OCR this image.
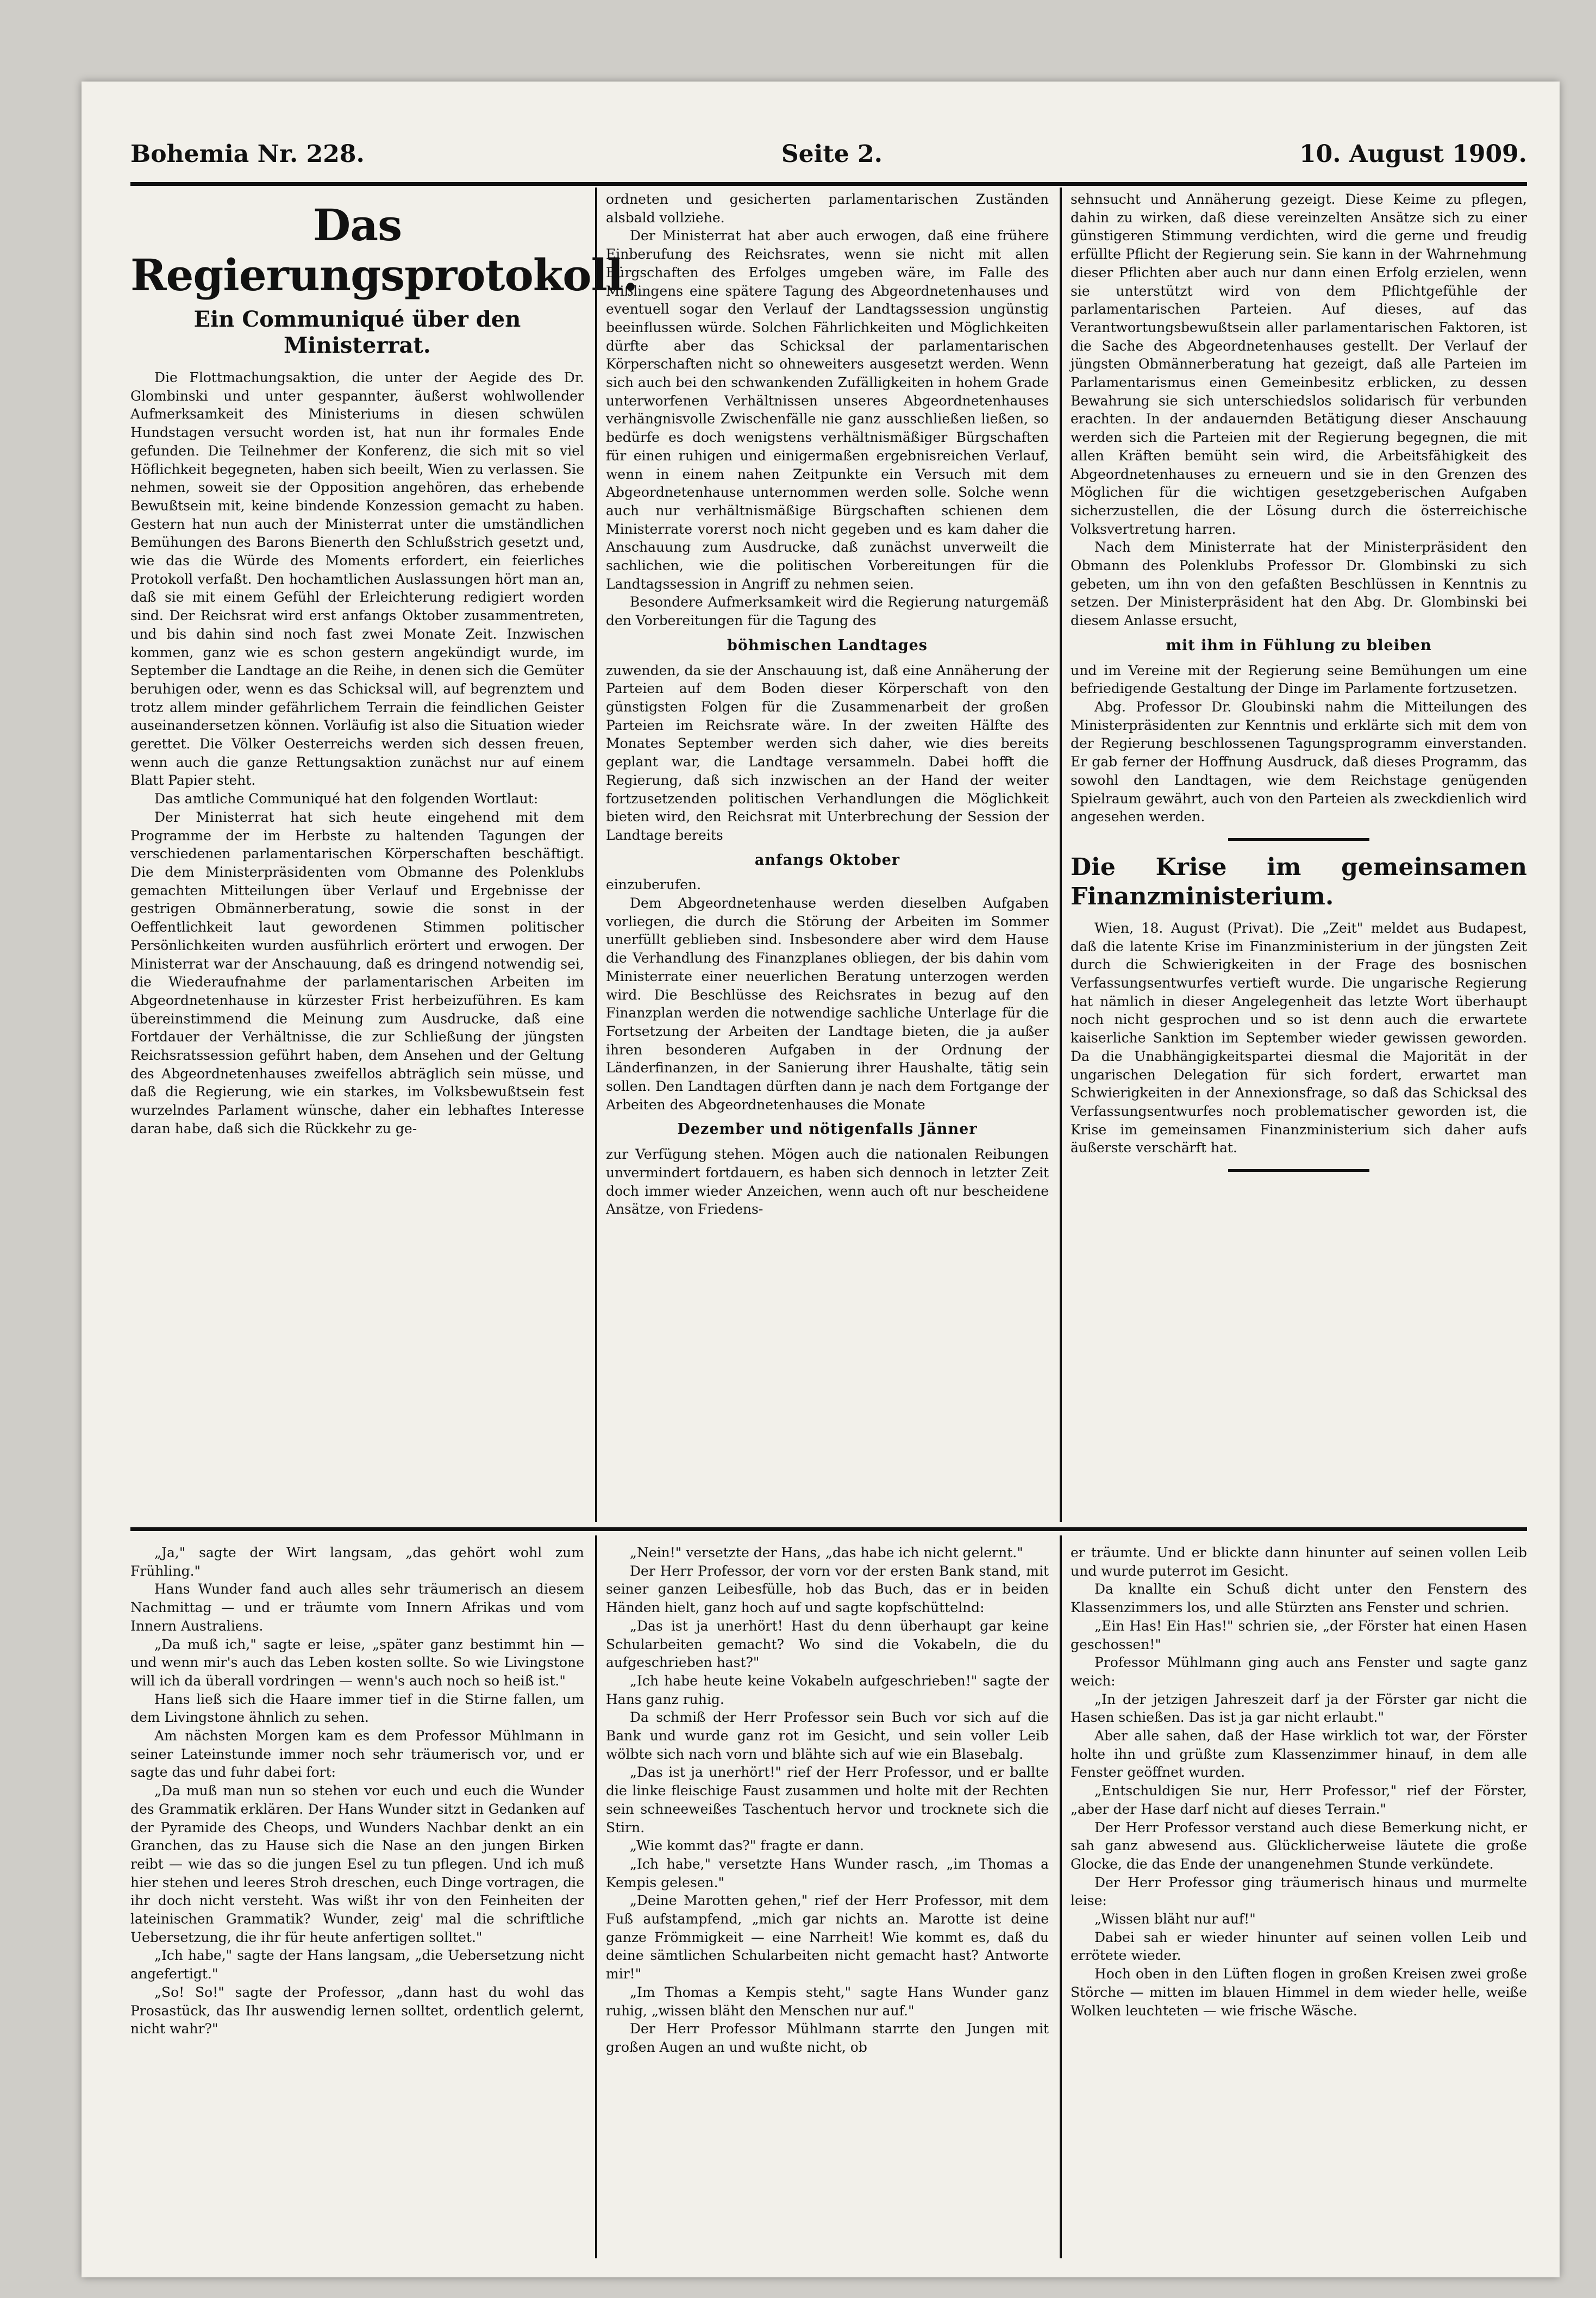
Bohemia Nr. 228.	Seite 2.	10. August 1909.
Das Regierungsprotokoll.
Ein Communiqué über den Ministerrat.

Die Flottmachungsaktion, die unter der Aegide des Dr. Glombinski und unter gespannter, äußerst wohlwollender Aufmerksamkeit des Ministeriums in diesen schwülen Hundstagen versucht worden ist, hat nun ihr formales Ende gefunden. Die Teilnehmer der Konferenz, die sich mit so viel Höflichkeit begegneten, haben sich beeilt, Wien zu verlassen. Sie nehmen, soweit sie der Opposition angehören, das erhebende Bewußtsein mit, keine bindende Konzession gemacht zu haben. Gestern hat nun auch der Ministerrat unter die umständlichen Bemühungen des Barons Bienerth den Schlußstrich gesetzt und, wie das die Würde des Moments erfordert, ein feierliches Protokoll verfaßt. Den hochamtlichen Auslassungen hört man an, daß sie mit einem Gefühl der Erleichterung redigiert worden sind. Der Reichsrat wird erst anfangs Oktober zusammentreten, und bis dahin sind noch fast zwei Monate Zeit. Inzwischen kommen, ganz wie es schon gestern angekündigt wurde, im September die Landtage an die Reihe, in denen sich die Gemüter beruhigen oder, wenn es das Schicksal will, auf begrenztem und trotz allem minder gefährlichem Terrain die feindlichen Geister auseinandersetzen können. Vorläufig ist also die Situation wieder gerettet. Die Völker Oesterreichs werden sich dessen freuen, wenn auch die ganze Rettungsaktion zunächst nur auf einem Blatt Papier steht.

Das amtliche Communiqué hat den folgenden Wortlaut:

Der Ministerrat hat sich heute eingehend mit dem Programme der im Herbste zu haltenden Tagungen der verschiedenen parlamentarischen Körperschaften beschäftigt. Die dem Ministerpräsidenten vom Obmanne des Polenklubs gemachten Mitteilungen über Verlauf und Ergebnisse der gestrigen Obmännerberatung, sowie die sonst in der Oeffentlichkeit laut gewordenen Stimmen politischer Persönlichkeiten wurden ausführlich erörtert und erwogen. Der Ministerrat war der Anschauung, daß es dringend notwendig sei, die Wiederaufnahme der parlamentarischen Arbeiten im Abgeordnetenhause in kürzester Frist herbeizuführen. Es kam übereinstimmend die Meinung zum Ausdrucke, daß eine Fortdauer der Verhältnisse, die zur Schließung der jüngsten Reichsratssession geführt haben, dem Ansehen und der Geltung des Abgeordnetenhauses zweifellos abträglich sein müsse, und daß die Regierung, wie ein starkes, im Volksbewußtsein fest wurzelndes Parlament wünsche, daher ein lebhaftes Interesse daran habe, daß sich die Rückkehr zu ge-

ordneten und gesicherten parlamentarischen Zuständen alsbald vollziehe.

Der Ministerrat hat aber auch erwogen, daß eine frühere Einberufung des Reichsrates, wenn sie nicht mit allen Bürgschaften des Erfolges umgeben wäre, im Falle des Mißlingens eine spätere Tagung des Abgeordnetenhauses und eventuell sogar den Verlauf der Landtagssession ungünstig beeinflussen würde. Solchen Fährlichkeiten und Möglichkeiten dürfte aber das Schicksal der parlamentarischen Körperschaften nicht so ohneweiters ausgesetzt werden. Wenn sich auch bei den schwankenden Zufälligkeiten in hohem Grade unterworfenen Verhältnissen unseres Abgeordnetenhauses verhängnisvolle Zwischenfälle nie ganz ausschließen ließen, so bedürfe es doch wenigstens verhältnismäßiger Bürgschaften für einen ruhigen und einigermaßen ergebnisreichen Verlauf, wenn in einem nahen Zeitpunkte ein Versuch mit dem Abgeordnetenhause unternommen werden solle. Solche wenn auch nur verhältnismäßige Bürgschaften schienen dem Ministerrate vorerst noch nicht gegeben und es kam daher die Anschauung zum Ausdrucke, daß zunächst unverweilt die sachlichen, wie die politischen Vorbereitungen für die Landtagssession in Angriff zu nehmen seien.

Besondere Aufmerksamkeit wird die Regierung naturgemäß den Vorbereitungen für die Tagung des

böhmischen Landtages

zuwenden, da sie der Anschauung ist, daß eine Annäherung der Parteien auf dem Boden dieser Körperschaft von den günstigsten Folgen für die Zusammenarbeit der großen Parteien im Reichsrate wäre. In der zweiten Hälfte des Monates September werden sich daher, wie dies bereits geplant war, die Landtage versammeln. Dabei hofft die Regierung, daß sich inzwischen an der Hand der weiter fortzusetzenden politischen Verhandlungen die Möglichkeit bieten wird, den Reichsrat mit Unterbrechung der Session der Landtage bereits

anfangs Oktober

einzuberufen.

Dem Abgeordnetenhause werden dieselben Aufgaben vorliegen, die durch die Störung der Arbeiten im Sommer unerfüllt geblieben sind. Insbesondere aber wird dem Hause die Verhandlung des Finanzplanes obliegen, der bis dahin vom Ministerrate einer neuerlichen Beratung unterzogen werden wird. Die Beschlüsse des Reichsrates in bezug auf den Finanzplan werden die notwendige sachliche Unterlage für die Fortsetzung der Arbeiten der Landtage bieten, die ja außer ihren besonderen Aufgaben in der Ordnung der Länderfinanzen, in der Sanierung ihrer Haushalte, tätig sein sollen. Den Landtagen dürften dann je nach dem Fortgange der Arbeiten des Abgeordnetenhauses die Monate

Dezember und nötigenfalls Jänner

zur Verfügung stehen. Mögen auch die nationalen Reibungen unvermindert fortdauern, es haben sich dennoch in letzter Zeit doch immer wieder Anzeichen, wenn auch oft nur bescheidene Ansätze, von Friedens-

sehnsucht und Annäherung gezeigt. Diese Keime zu pflegen, dahin zu wirken, daß diese vereinzelten Ansätze sich zu einer günstigeren Stimmung verdichten, wird die gerne und freudig erfüllte Pflicht der Regierung sein. Sie kann in der Wahrnehmung dieser Pflichten aber auch nur dann einen Erfolg erzielen, wenn sie unterstützt wird von dem Pflichtgefühle der parlamentarischen Parteien. Auf dieses, auf das Verantwortungsbewußtsein aller parlamentarischen Faktoren, ist die Sache des Abgeordnetenhauses gestellt. Der Verlauf der jüngsten Obmännerberatung hat gezeigt, daß alle Parteien im Parlamentarismus einen Gemeinbesitz erblicken, zu dessen Bewahrung sie sich unterschiedslos solidarisch für verbunden erachten. In der andauernden Betätigung dieser Anschauung werden sich die Parteien mit der Regierung begegnen, die mit allen Kräften bemüht sein wird, die Arbeitsfähigkeit des Abgeordnetenhauses zu erneuern und sie in den Grenzen des Möglichen für die wichtigen gesetzgeberischen Aufgaben sicherzustellen, die der Lösung durch die österreichische Volksvertretung harren.

Nach dem Ministerrate hat der Ministerpräsident den Obmann des Polenklubs Professor Dr. Glombinski zu sich gebeten, um ihn von den gefaßten Beschlüssen in Kenntnis zu setzen. Der Ministerpräsident hat den Abg. Dr. Glombinski bei diesem Anlasse ersucht,

mit ihm in Fühlung zu bleiben

und im Vereine mit der Regierung seine Bemühungen um eine befriedigende Gestaltung der Dinge im Parlamente fortzusetzen.

Abg. Professor Dr. Gloubinski nahm die Mitteilungen des Ministerpräsidenten zur Kenntnis und erklärte sich mit dem von der Regierung beschlossenen Tagungsprogramm einverstanden. Er gab ferner der Hoffnung Ausdruck, daß dieses Programm, das sowohl den Landtagen, wie dem Reichstage genügenden Spielraum gewährt, auch von den Parteien als zweckdienlich wird angesehen werden.

Die Krise im gemeinsamen Finanzministerium.

Wien, 18. August (Privat). Die „Zeit" meldet aus Budapest, daß die latente Krise im Finanzministerium in der jüngsten Zeit durch die Schwierigkeiten in der Frage des bosnischen Verfassungsentwurfes vertieft wurde. Die ungarische Regierung hat nämlich in dieser Angelegenheit das letzte Wort überhaupt noch nicht gesprochen und so ist denn auch die erwartete kaiserliche Sanktion im September wieder gewissen geworden. Da die Unabhängigkeitspartei diesmal die Majorität in der ungarischen Delegation für sich fordert, erwartet man Schwierigkeiten in der Annexionsfrage, so daß das Schicksal des Verfassungsentwurfes noch problematischer geworden ist, die Krise im gemeinsamen Finanzministerium sich daher aufs äußerste verschärft hat.

„Ja," sagte der Wirt langsam, „das gehört wohl zum Frühling."

Hans Wunder fand auch alles sehr träumerisch an diesem Nachmittag — und er träumte vom Innern Afrikas und vom Innern Australiens.

„Da muß ich," sagte er leise, „später ganz bestimmt hin — und wenn mir's auch das Leben kosten sollte. So wie Livingstone will ich da überall vordringen — wenn's auch noch so heiß ist."

Hans ließ sich die Haare immer tief in die Stirne fallen, um dem Livingstone ähnlich zu sehen.

Am nächsten Morgen kam es dem Professor Mühlmann in seiner Lateinstunde immer noch sehr träumerisch vor, und er sagte das und fuhr dabei fort:

„Da muß man nun so stehen vor euch und euch die Wunder des Grammatik erklären. Der Hans Wunder sitzt in Gedanken auf der Pyramide des Cheops, und Wunders Nachbar denkt an ein Granchen, das zu Hause sich die Nase an den jungen Birken reibt — wie das so die jungen Esel zu tun pflegen. Und ich muß hier stehen und leeres Stroh dreschen, euch Dinge vortragen, die ihr doch nicht versteht. Was wißt ihr von den Feinheiten der lateinischen Grammatik? Wunder, zeig' mal die schriftliche Uebersetzung, die ihr für heute anfertigen solltet."

„Ich habe," sagte der Hans langsam, „die Uebersetzung nicht angefertigt."

„So! So!" sagte der Professor, „dann hast du wohl das Prosastück, das Ihr auswendig lernen solltet, ordentlich gelernt, nicht wahr?"

„Nein!" versetzte der Hans, „das habe ich nicht gelernt."

Der Herr Professor, der vorn vor der ersten Bank stand, mit seiner ganzen Leibesfülle, hob das Buch, das er in beiden Händen hielt, ganz hoch auf und sagte kopfschüttelnd:

„Das ist ja unerhört! Hast du denn überhaupt gar keine Schularbeiten gemacht? Wo sind die Vokabeln, die du aufgeschrieben hast?"

„Ich habe heute keine Vokabeln aufgeschrieben!" sagte der Hans ganz ruhig.

Da schmiß der Herr Professor sein Buch vor sich auf die Bank und wurde ganz rot im Gesicht, und sein voller Leib wölbte sich nach vorn und blähte sich auf wie ein Blasebalg.

„Das ist ja unerhört!" rief der Herr Professor, und er ballte die linke fleischige Faust zusammen und holte mit der Rechten sein schneeweißes Taschentuch hervor und trocknete sich die Stirn.

„Wie kommt das?" fragte er dann.

„Ich habe," versetzte Hans Wunder rasch, „im Thomas a Kempis gelesen."

„Deine Marotten gehen," rief der Herr Professor, mit dem Fuß aufstampfend, „mich gar nichts an. Marotte ist deine ganze Frömmigkeit — eine Narrheit! Wie kommt es, daß du deine sämtlichen Schularbeiten nicht gemacht hast? Antworte mir!"

„Im Thomas a Kempis steht," sagte Hans Wunder ganz ruhig, „wissen bläht den Menschen nur auf."

Der Herr Professor Mühlmann starrte den Jungen mit großen Augen an und wußte nicht, ob

er träumte. Und er blickte dann hinunter auf seinen vollen Leib und wurde puterrot im Gesicht.

Da knallte ein Schuß dicht unter den Fenstern des Klassenzimmers los, und alle Stürzten ans Fenster und schrien.

„Ein Has! Ein Has!" schrien sie, „der Förster hat einen Hasen geschossen!"

Professor Mühlmann ging auch ans Fenster und sagte ganz weich:

„In der jetzigen Jahreszeit darf ja der Förster gar nicht die Hasen schießen. Das ist ja gar nicht erlaubt."

Aber alle sahen, daß der Hase wirklich tot war, der Förster holte ihn und grüßte zum Klassenzimmer hinauf, in dem alle Fenster geöffnet wurden.

„Entschuldigen Sie nur, Herr Professor," rief der Förster, „aber der Hase darf nicht auf dieses Terrain."

Der Herr Professor verstand auch diese Bemerkung nicht, er sah ganz abwesend aus. Glücklicherweise läutete die große Glocke, die das Ende der unangenehmen Stunde verkündete.

Der Herr Professor ging träumerisch hinaus und murmelte leise:

„Wissen bläht nur auf!"

Dabei sah er wieder hinunter auf seinen vollen Leib und errötete wieder.

Hoch oben in den Lüften flogen in großen Kreisen zwei große Störche — mitten im blauen Himmel in dem wieder helle, weiße Wolken leuchteten — wie frische Wäsche.
